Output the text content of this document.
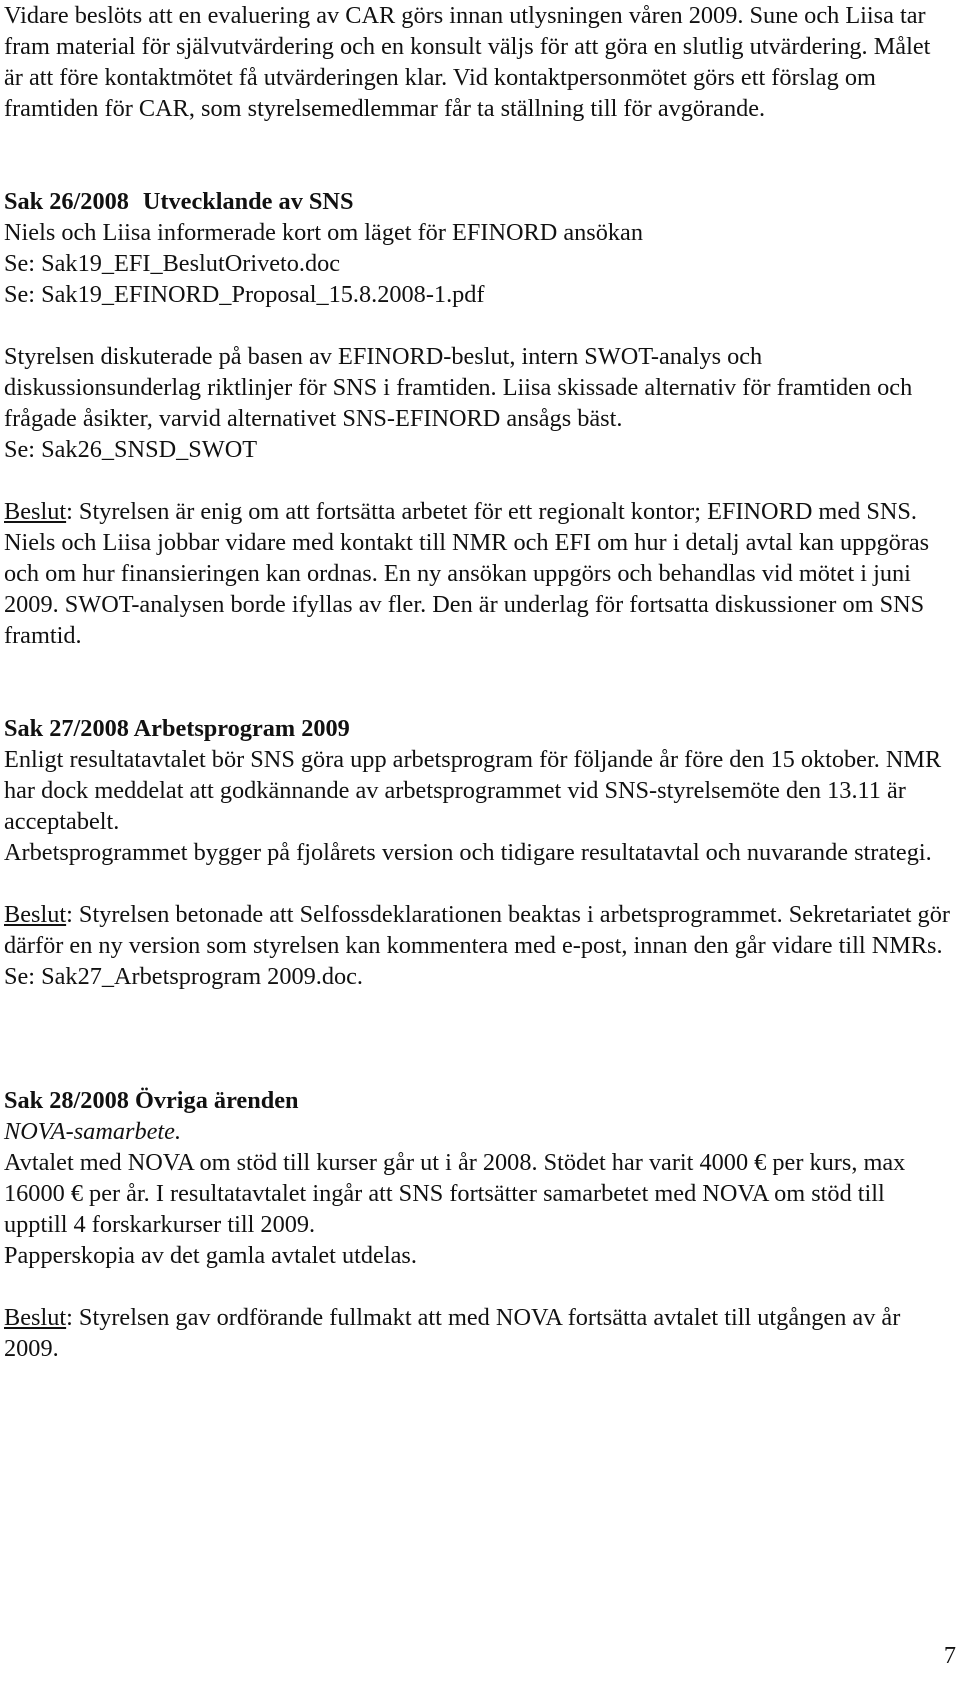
Vidare beslöts att en evaluering av CAR görs innan utlysningen våren 2009. Sune och Liisa tar fram material för självutvärdering och en konsult väljs för att göra en slutlig utvärdering. Målet är att före kontaktmötet få utvärderingen klar. Vid kontaktpersonmötet görs ett förslag om framtiden för CAR, som styrelsemedlemmar får ta ställning till för avgörande.

Sak 26/2008 Utvecklande av SNS

Niels och Liisa informerade kort om läget för EFINORD ansökan

Se: Sak19_EFI_BeslutOriveto.doc

Se: Sak19_EFINORD_Proposal_15.8.2008-1.pdf

Styrelsen diskuterade på basen av EFINORD-beslut, intern SWOT-analys och diskussionsunderlag riktlinjer för SNS i framtiden. Liisa skissade alternativ för framtiden och frågade åsikter, varvid alternativet SNS-EFINORD ansågs bäst.

Se: Sak26_SNSD_SWOT

Beslut: Styrelsen är enig om att fortsätta arbetet för ett regionalt kontor; EFINORD med SNS. Niels och Liisa jobbar vidare med kontakt till NMR och EFI om hur i detalj avtal kan uppgöras och om hur finansieringen kan ordnas. En ny ansökan uppgörs och behandlas vid mötet i juni 2009. SWOT-analysen borde ifyllas av fler. Den är underlag för fortsatta diskussioner om SNS framtid.

Sak 27/2008 Arbetsprogram 2009

Enligt resultatavtalet bör SNS göra upp arbetsprogram för följande år före den 15 oktober. NMR har dock meddelat att godkännande av arbetsprogrammet vid SNS-styrelsemöte den 13.11 är acceptabelt.

Arbetsprogrammet bygger på fjolårets version och tidigare resultatavtal och nuvarande strategi.

Beslut: Styrelsen betonade att Selfossdeklarationen beaktas i arbetsprogrammet. Sekretariatet gör därför en ny version som styrelsen kan kommentera med e-post, innan den går vidare till NMRs. Se: Sak27_Arbetsprogram 2009.doc.

Sak 28/2008 Övriga ärenden

NOVA-samarbete.

Avtalet med NOVA om stöd till kurser går ut i år 2008. Stödet har varit 4000 € per kurs, max 16000 € per år. I resultatavtalet ingår att SNS fortsätter samarbetet med NOVA om stöd till upptill 4 forskarkurser till 2009.

Papperskopia av det gamla avtalet utdelas.

Beslut: Styrelsen gav ordförande fullmakt att med NOVA fortsätta avtalet till utgången av år 2009.

7
